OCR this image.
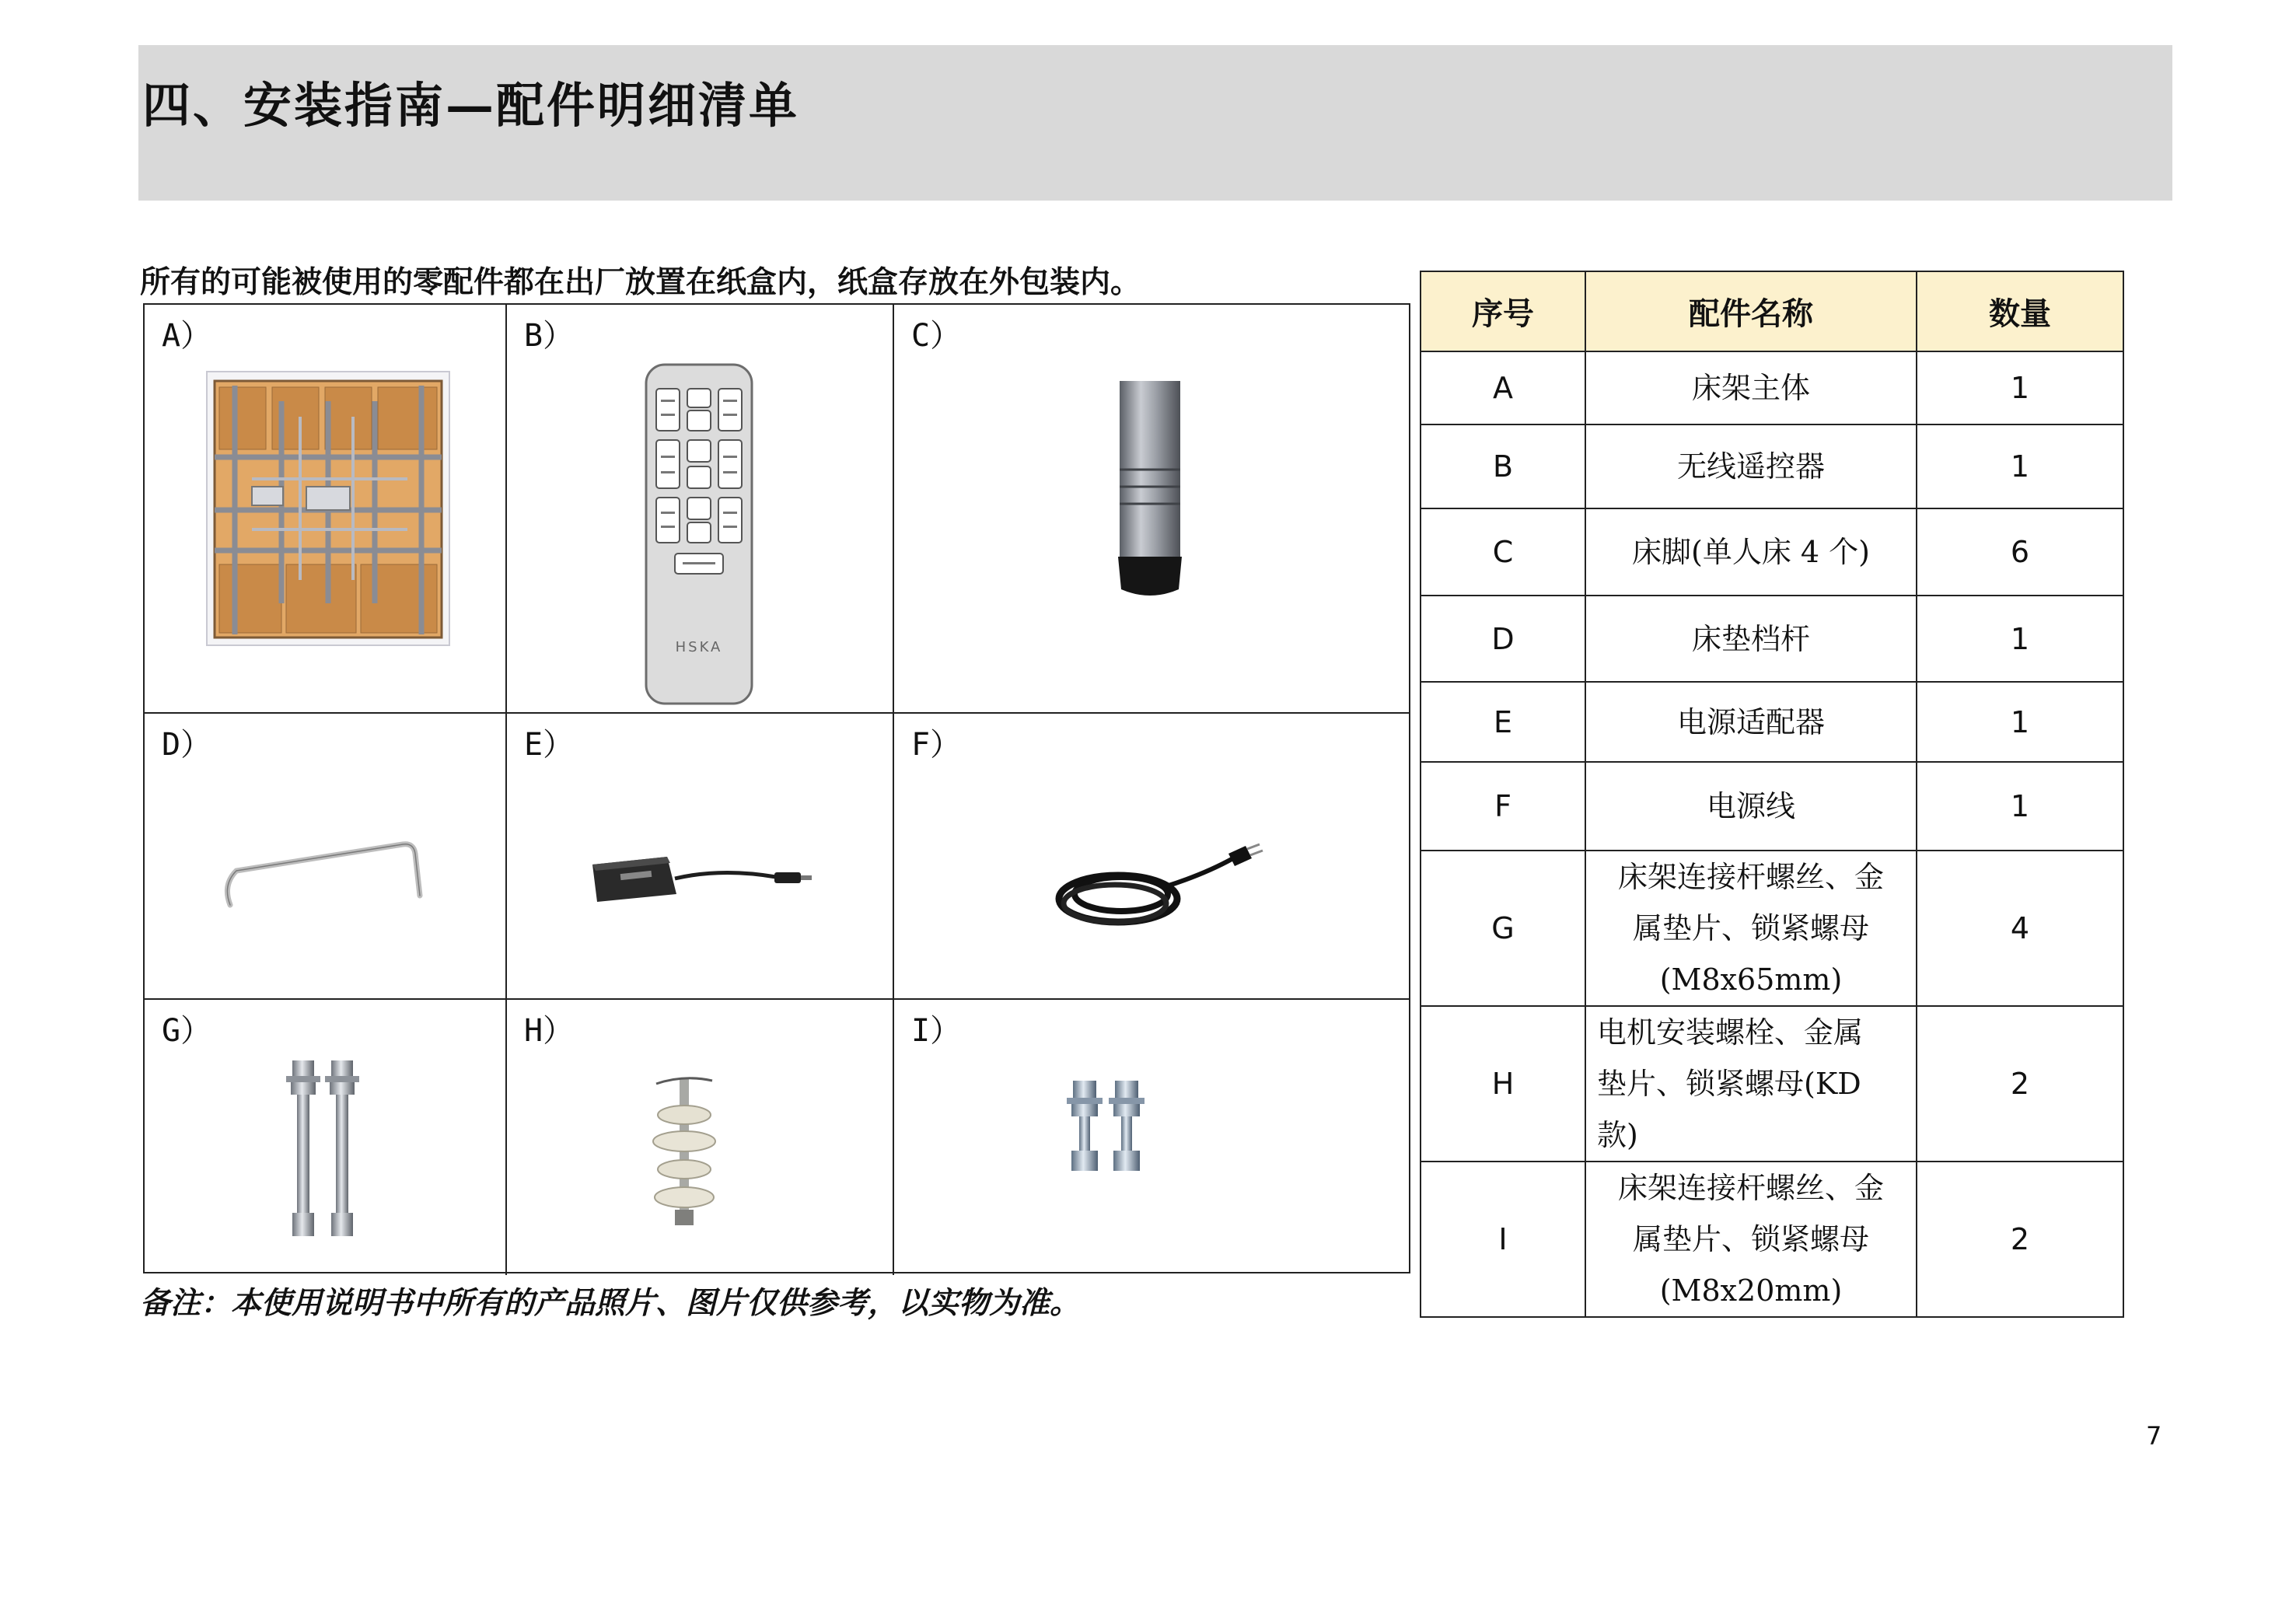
四、安装指南—配件明细清单
所有的可能被使用的零配件都在出厂放置在纸盒内，纸盒存放在外包装内。
A）	B）
HSKA
C）
D）	E）	F）
G）	H）	I）
备注：本使用说明书中所有的产品照片、图片仅供参考，以实物为准。
序号	配件名称	数量
A	床架主体	1
B	无线遥控器	1
C	床脚(单人床 4 个)	6
D	床垫档杆	1
E	电源适配器	1
F	电源线	1
G	床架连接杆螺丝、金
属垫片、锁紧螺母
(M8x65mm)	4
H	电机安装螺栓、金属
垫片、锁紧螺母(KD
款)	2
I	床架连接杆螺丝、金
属垫片、锁紧螺母
(M8x20mm)	2
7
